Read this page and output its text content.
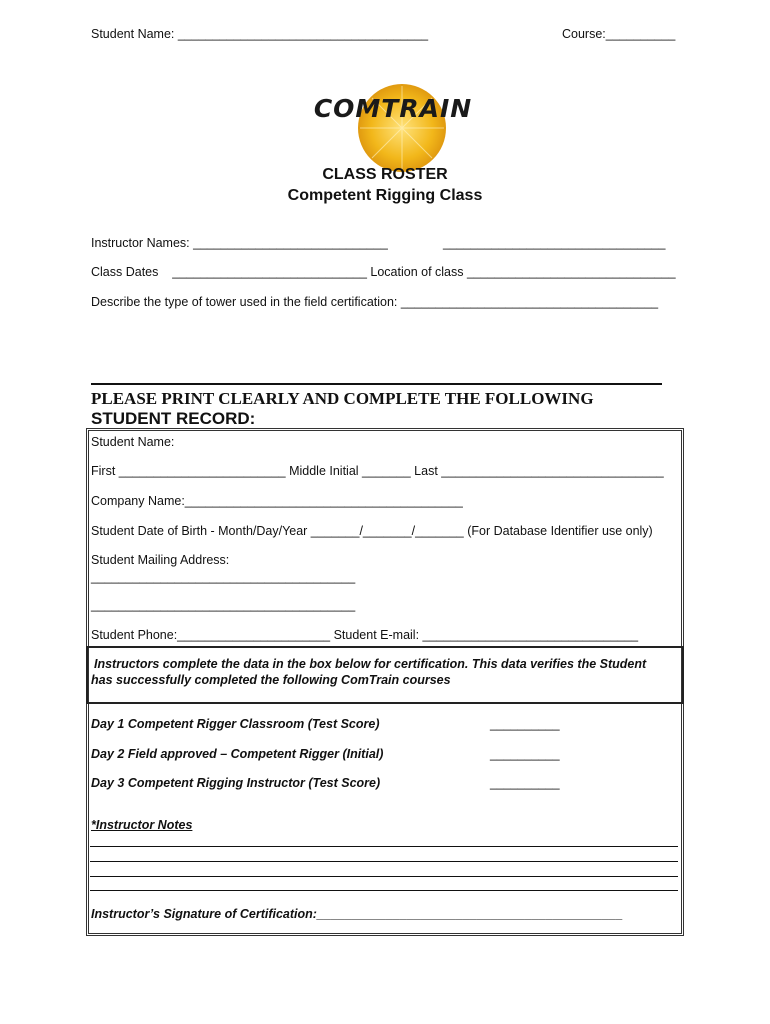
Student Name: ____________________________________	Course:__________

COMTRAIN

CLASS ROSTER
Competent Rigging Class
Instructor Names: ____________________________	________________________________
Class Dates    ____________________________ Location of class ______________________________
Describe the type of tower used in the field certification: _____________________________________
PLEASE PRINT CLEARLY AND COMPLETE THE FOLLOWING
STUDENT RECORD:
Student Name:
First ________________________ Middle Initial _______ Last ________________________________
Company Name:________________________________________
Student Date of Birth - Month/Day/Year _______/_______/_______ (For Database Identifier use only)
Student Mailing Address:
______________________________________
______________________________________
Student Phone:______________________ Student E-mail: _______________________________
Instructors complete the data in the box below for certification. This data verifies the Student
has successfully completed the following ComTrain courses
Day 1 Competent Rigger Classroom (Test Score)	__________
Day 2 Field approved – Competent Rigger (Initial)	__________
Day 3 Competent Rigging Instructor (Test Score)	__________
*Instructor Notes
Instructor’s Signature of Certification:____________________________________________
